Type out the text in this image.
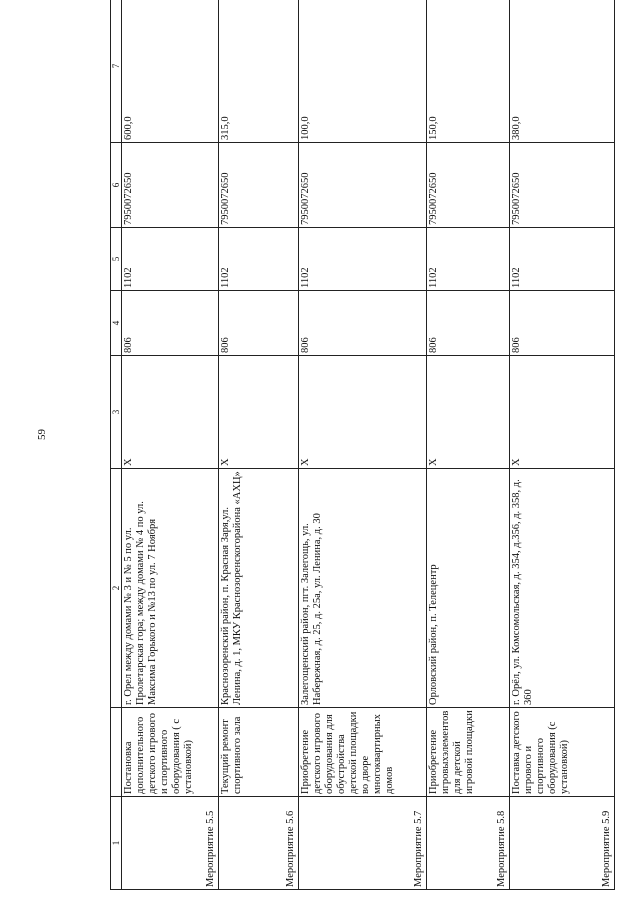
59
1		2	3	4	5	6	7
Мероприятие 5.5	Постановка дополнительного детского игрового и спортивного оборудования ( с установкой)	г. Орел между домами № 3 и № 5 по ул. Пролетарская гора; между домами № 4 по ул. Максима Горького и №13 по ул. 7 Ноября	X	806	1102	7950072650	600,0
Мероприятие 5.6	Текущий ремонт спортивного зала	Краснозоренский район, п. Красная Заря,ул. Ленина, д. 1, МКУ Краснозоренскогорайона «АХЦ»	X	806	1102	7950072650	315,0
Мероприятие 5.7	Приобретение детского игрового оборудования для обустройства детской площадки во дворе многоквартирных домов	Залегощенский район, пгт. Залегощь, ул. Набережная, д. 25, д. 25а, ул. Ленина, д. 30	X	806	1102	7950072650	100,0
Мероприятие 5.8	Приобретение игровыхэлементов для детской игровой площадки	Орловский район, п. Телецентр	X	806	1102	7950072650	150,0
Мероприятие 5.9	Поставка детского игрового и спортивного оборудования (с установкой)	г. Орёл, ул. Комсомольская, д. 354, д.356, д. 358, д. 360	X	806	1102	7950072650	380,0
